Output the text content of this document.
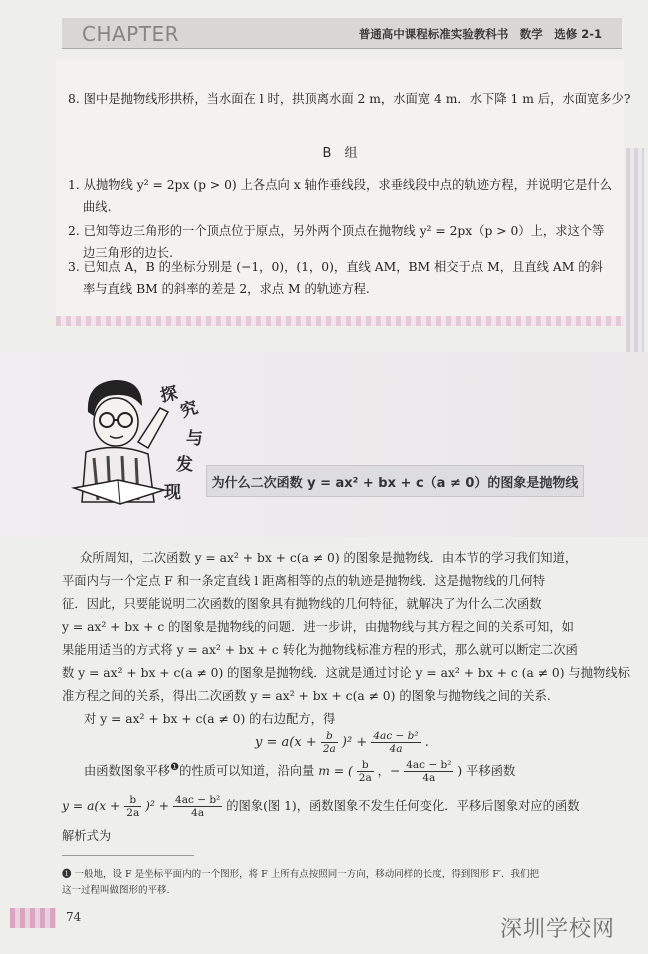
CHAPTER	普通高中课程标准实验教科书　数学　选修 2-1
8. 图中是抛物线形拱桥，当水面在 l 时，拱顶离水面 2 m，水面宽 4 m．水下降 1 m 后，水面宽多少?
B　组
1. 从抛物线 y² = 2px (p > 0) 上各点向 x 轴作垂线段，求垂线段中点的轨迹方程，并说明它是什么
曲线.
2. 已知等边三角形的一个顶点位于原点，另外两个顶点在抛物线 y² = 2px（p > 0）上，求这个等
边三角形的边长.
3. 已知点 A，B 的坐标分别是 (−1，0)，(1，0)，直线 AM，BM 相交于点 M，且直线 AM 的斜
率与直线 BM 的斜率的差是 2，求点 M 的轨迹方程.
探
究
与
发
现	为什么二次函数 y = ax² + bx + c（a ≠ 0）的图象是抛物线
众所周知，二次函数 y = ax² + bx + c(a ≠ 0) 的图象是抛物线．由本节的学习我们知道，
平面内与一个定点 F 和一条定直线 l 距离相等的点的轨迹是抛物线．这是抛物线的几何特
征．因此，只要能说明二次函数的图象具有抛物线的几何特征，就解决了为什么二次函数
y = ax² + bx + c 的图象是抛物线的问题．进一步讲，由抛物线与其方程之间的关系可知，如
果能用适当的方式将 y = ax² + bx + c 转化为抛物线标准方程的形式，那么就可以断定二次函
数 y = ax² + bx + c(a ≠ 0) 的图象是抛物线．这就是通过讨论 y = ax² + bx + c (a ≠ 0) 与抛物线标
准方程之间的关系，得出二次函数 y = ax² + bx + c(a ≠ 0) 的图象与抛物线之间的关系.
对 y = ax² + bx + c(a ≠ 0) 的右边配方，得
$y = a(x + \frac{b}{2a} )^2 + \frac{\text{4ac − b²}}{4a}$ .
由函数图象平移$^❶$的性质可以知道，沿向量 m = ( $\frac{b}{2a}$ ，− $\frac{\text{4ac − b²}}{4a}$ ) 平移函数
$y = a(x + \frac{b}{2a} )^2 + \frac{\text{4ac − b²}}{4a}$ 的图象(图 1)，函数图象不发生任何变化．平移后图象对应的函数
解析式为
❶ 一般地，设 F 是坐标平面内的一个图形，将 F 上所有点按照同一方向，移动同样的长度，得到图形 F′．我们把
这一过程叫做图形的平移.
74	深圳学校网
